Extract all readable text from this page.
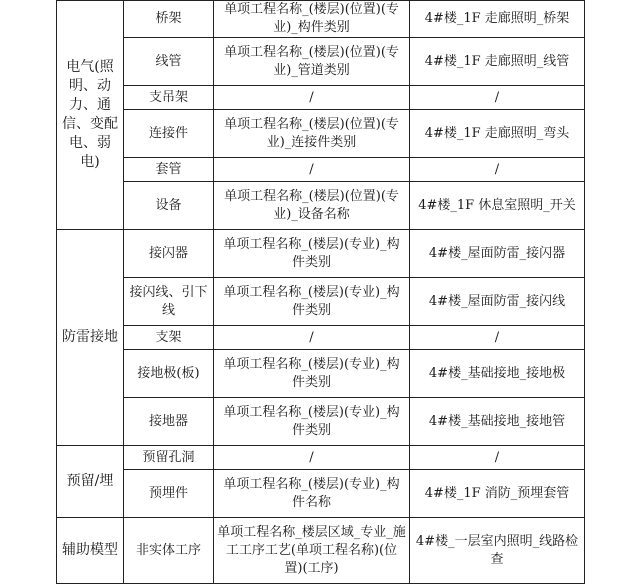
电气(照明、动力、通信、变配电、弱电)	桥架	单项工程名称_(楼层)(位置)(专业)_构件类别	4#楼_1F 走廊照明_桥架
	线管	单项工程名称_(楼层)(位置)(专业)_管道类别	4#楼_1F 走廊照明_线管
	支吊架	/	/
	连接件	单项工程名称_(楼层)(位置)(专业)_连接件类别	4#楼_1F 走廊照明_弯头
	套管	/	/
	设备	单项工程名称_(楼层)(位置)(专业)_设备名称	4#楼_1F 休息室照明_开关
防雷接地	接闪器	单项工程名称_(楼层)(专业)_构件类别	4#楼_屋面防雷_接闪器
	接闪线、引下线	单项工程名称_(楼层)(专业)_构件类别	4#楼_屋面防雷_接闪线
	支架	/	/
	接地极(板)	单项工程名称_(楼层)(专业)_构件类别	4#楼_基础接地_接地极
	接地器	单项工程名称_(楼层)(专业)_构件类别	4#楼_基础接地_接地管
预留/埋	预留孔洞	/	/
	预埋件	单项工程名称_(楼层)(专业)_构件名称	4#楼_1F 消防_预埋套管
辅助模型	非实体工序	单项工程名称_楼层区域_专业_施工工序工艺(单项工程名称)(位置)(工序)	4#楼_一层室内照明_线路检查
